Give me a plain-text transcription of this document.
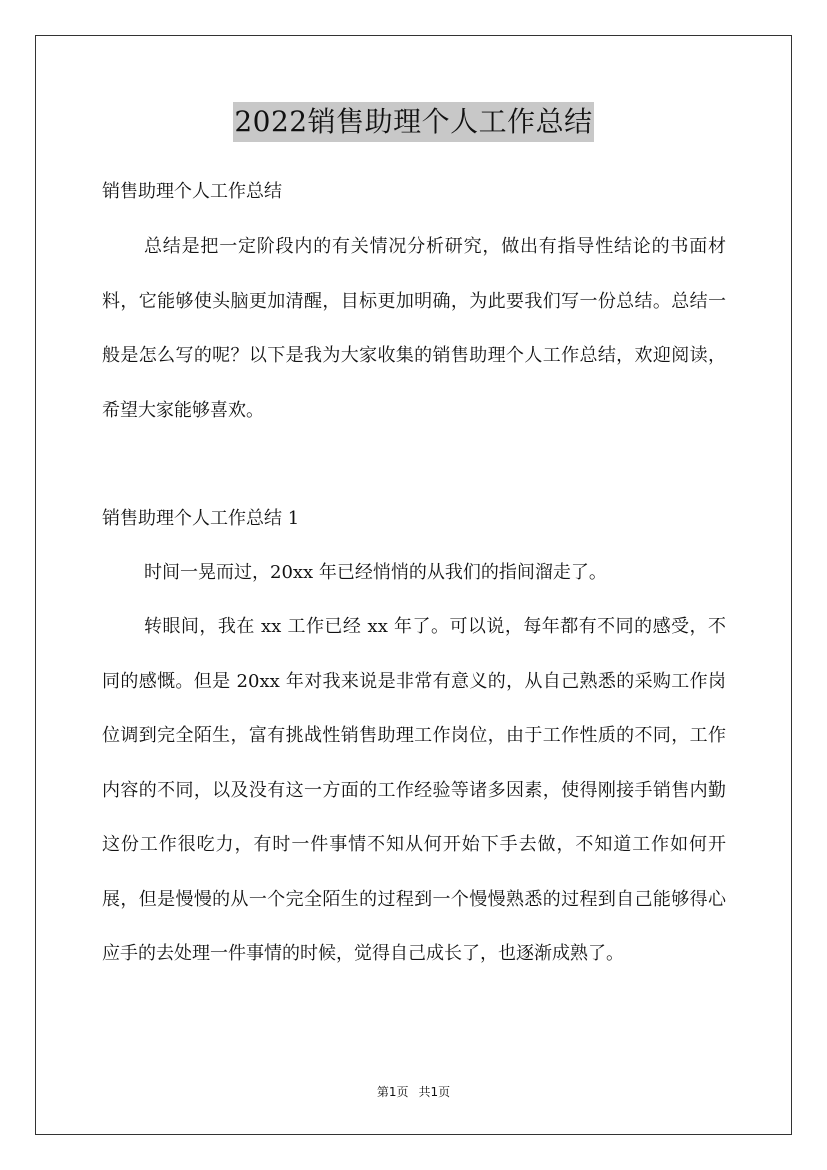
2022销售助理个人工作总结

销售助理个人工作总结

总结是把一定阶段内的有关情况分析研究，做出有指导性结论的书面材料，它能够使头脑更加清醒，目标更加明确，为此要我们写一份总结。总结一般是怎么写的呢？以下是我为大家收集的销售助理个人工作总结，欢迎阅读，希望大家能够喜欢。

销售助理个人工作总结 1

时间一晃而过，20xx 年已经悄悄的从我们的指间溜走了。

转眼间，我在 xx 工作已经 xx 年了。可以说，每年都有不同的感受，不同的感慨。但是 20xx 年对我来说是非常有意义的，从自己熟悉的采购工作岗位调到完全陌生，富有挑战性销售助理工作岗位，由于工作性质的不同，工作内容的不同，以及没有这一方面的工作经验等诸多因素，使得刚接手销售内勤这份工作很吃力，有时一件事情不知从何开始下手去做，不知道工作如何开展，但是慢慢的从一个完全陌生的过程到一个慢慢熟悉的过程到自己能够得心应手的去处理一件事情的时候，觉得自己成长了，也逐渐成熟了。

第1页 共1页
